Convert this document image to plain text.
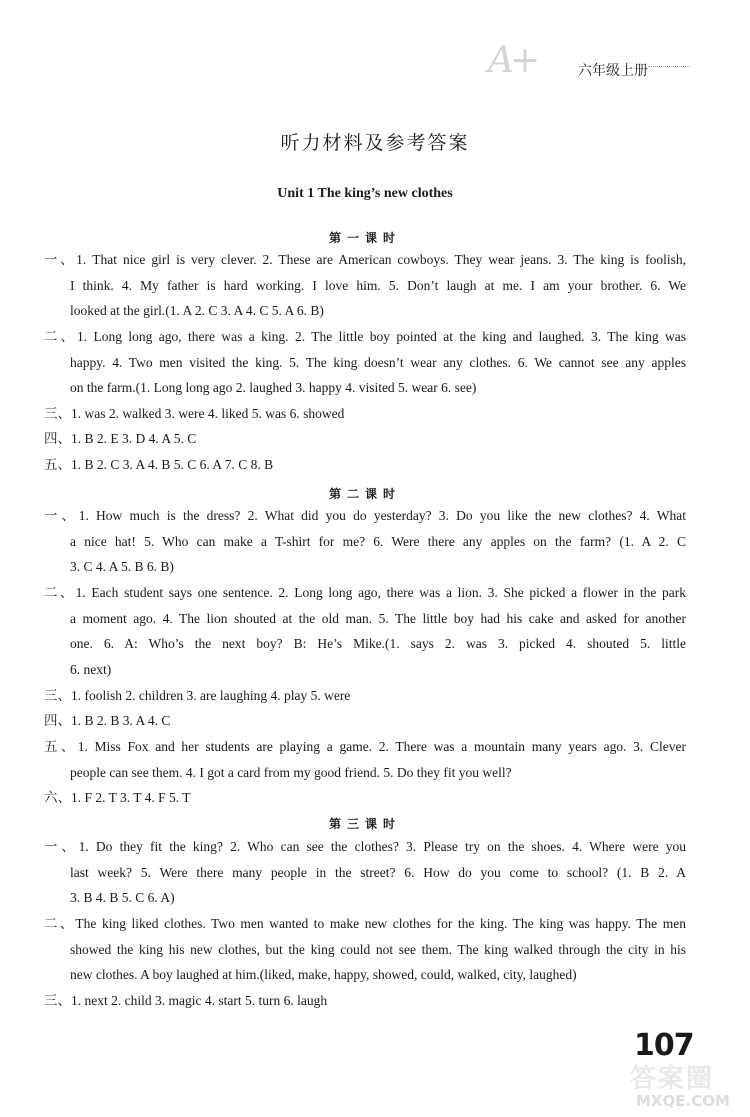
A+	六年级上册
听力材料及参考答案
Unit 1 The king’s new clothes
第一课时
一、1. That nice girl is very clever. 2. These are American cowboys. They wear jeans. 3. The king is foolish,
I think. 4. My father is hard working. I love him. 5. Don’t laugh at me. I am your brother. 6. We
looked at the girl.(1. A 2. C 3. A 4. C 5. A 6. B)
二、1. Long long ago, there was a king. 2. The little boy pointed at the king and laughed. 3. The king was
happy. 4. Two men visited the king. 5. The king doesn’t wear any clothes. 6. We cannot see any apples
on the farm.(1. Long long ago 2. laughed 3. happy 4. visited 5. wear 6. see)
三、1. was 2. walked 3. were 4. liked 5. was 6. showed
四、1. B 2. E 3. D 4. A 5. C
五、1. B 2. C 3. A 4. B 5. C 6. A 7. C 8. B
第二课时
一、1. How much is the dress? 2. What did you do yesterday? 3. Do you like the new clothes? 4. What
a nice hat! 5. Who can make a T-shirt for me? 6. Were there any apples on the farm? (1. A 2. C
3. C 4. A 5. B 6. B)
二、1. Each student says one sentence. 2. Long long ago, there was a lion. 3. She picked a flower in the park
a moment ago. 4. The lion shouted at the old man. 5. The little boy had his cake and asked for another
one. 6. A: Who’s the next boy? B: He’s Mike.(1. says 2. was 3. picked 4. shouted 5. little
6. next)
三、1. foolish 2. children 3. are laughing 4. play 5. were
四、1. B 2. B 3. A 4. C
五、1. Miss Fox and her students are playing a game. 2. There was a mountain many years ago. 3. Clever
people can see them. 4. I got a card from my good friend. 5. Do they fit you well?
六、1. F 2. T 3. T 4. F 5. T
第三课时
一、1. Do they fit the king? 2. Who can see the clothes? 3. Please try on the shoes. 4. Where were you
last week? 5. Were there many people in the street? 6. How do you come to school? (1. B 2. A
3. B 4. B 5. C 6. A)
二、The king liked clothes. Two men wanted to make new clothes for the king. The king was happy. The men
showed the king his new clothes, but the king could not see them. The king walked through the city in his
new clothes. A boy laughed at him.(liked, make, happy, showed, could, walked, city, laughed)
三、1. next 2. child 3. magic 4. start 5. turn 6. laugh
107
答案圈
MXQE.COM
